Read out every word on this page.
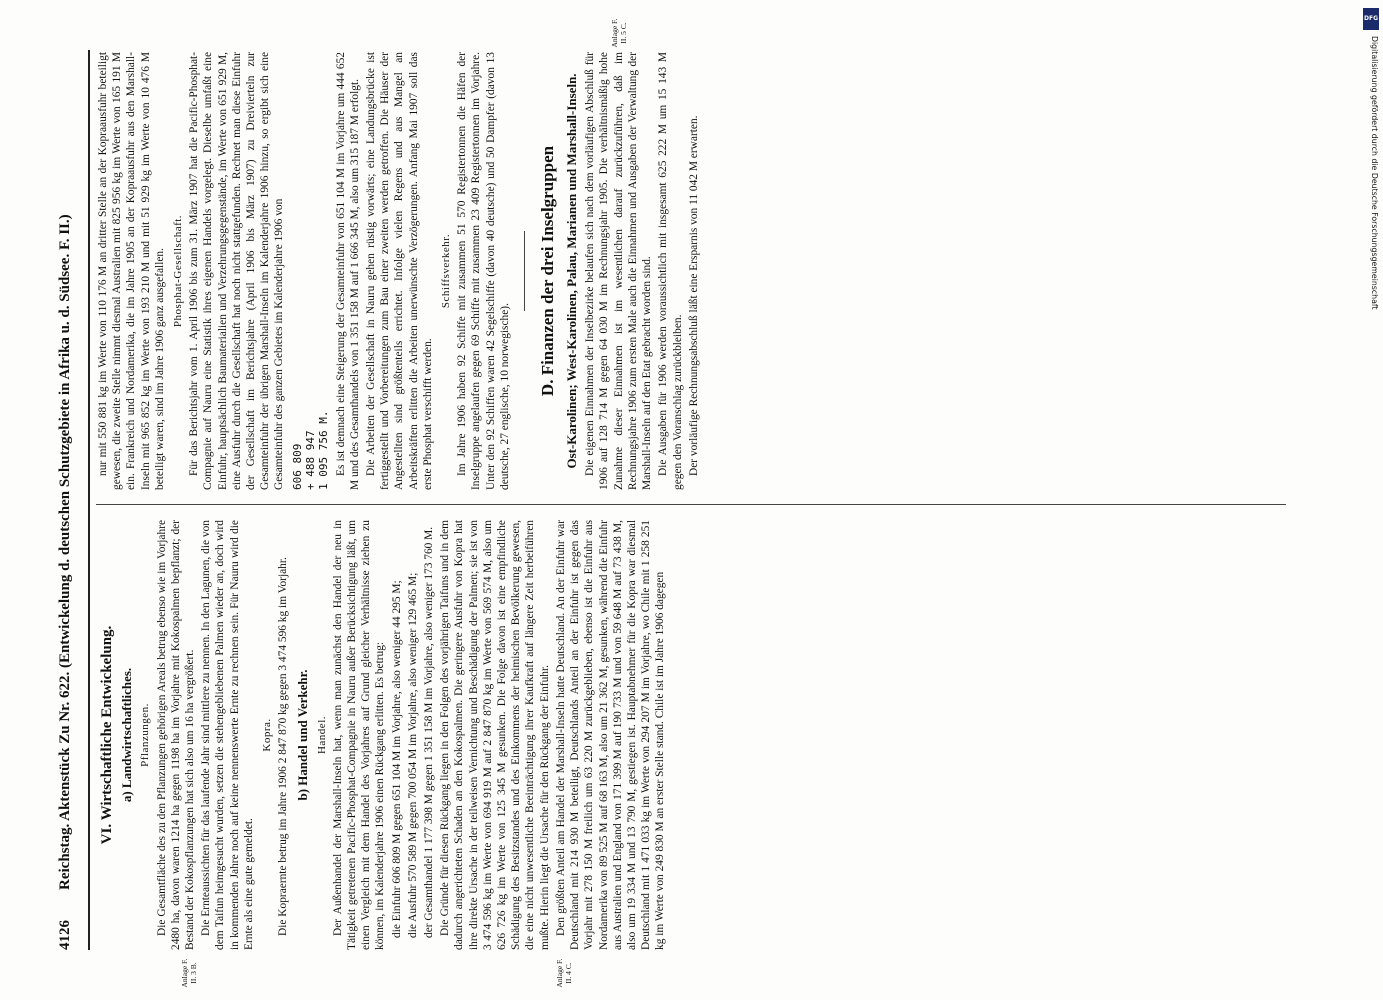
4126
Reichstag. Aktenstück Zu Nr. 622. (Entwickelung d. deutschen Schutzgebiete in Afrika u. d. Südsee. F. II.)
Anlage F. II. 3 B.	Anlage F. II. 4 C.
Anlage F. II. 5 C.

VI. Wirtschaftliche Entwickelung. a) Landwirtschaftliches. Pflanzungen. Die Gesamtfläche des zu den Pflanzungen gehörigen Areals betrug ebenso wie im Vorjahre 2480 ha, davon waren 1214 ha gegen 1198 ha im Vorjahre mit Kokospalmen bepflanzt; der Bestand der Kokospflanzungen hat sich also um 16 ha vergrößert. Die Ernteaussichten für das laufende Jahr sind mittlere zu nennen. In den Lagunen, die von dem Taifun heimgesucht wurden, setzen die stehengebliebenen Palmen wieder an, doch wird in kommenden Jahre noch auf keine nennenswerte Ernte zu rechnen sein. Für Nauru wird die Ernte als eine gute gemeldet.

Kopra. Die Kopraernte betrug im Jahre 1906 2 847 870 kg gegen 3 474 596 kg im Vorjahr. b) Handel und Verkehr. Handel. Der Außenhandel der Marshall-Inseln hat, wenn man zunächst den Handel der neu in Tätigkeit getretenen Pacific-Phosphat-Compagnie in Nauru außer Berücksichtigung läßt, um einen Vergleich mit dem Handel des Vorjahres auf Grund gleicher Verhältnisse ziehen zu können, im Kalenderjahre 1906 einen Rückgang erlitten. Es betrug: die Einfuhr 606 809 M gegen 651 104 M im Vorjahre, also weniger 44 295 M; die Ausfuhr 570 589 M gegen 700 054 M im Vorjahre, also weniger 129 465 M; der Gesamthandel 1 177 398 M gegen 1 351 158 M im Vorjahre, also weniger 173 760 M. Die Gründe für diesen Rückgang liegen in den Folgen des vorjährigen Taifuns und in dem dadurch angerichteten Schaden an den Kokospalmen. Die geringere Ausfuhr von Kopra hat ihre direkte Ursache in der teilweisen Vernichtung und Beschädigung der Palmen; sie ist von 3 474 596 kg im Werte von 694 919 M auf 2 847 870 kg im Werte von 569 574 M, also um 626 726 kg im Werte von 125 345 M gesunken. Die Folge davon ist eine empfindliche Schädigung des Besitzstandes und des Einkommens der heimischen Bevölkerung gewesen, die eine nicht unwesentliche Beeinträchtigung ihrer Kaufkraft auf längere Zeit herbeiführen mußte. Hierin liegt die Ursache für den Rückgang der Einfuhr. Den größten Anteil am Handel der Marshall-Inseln hatte Deutschland. An der Einfuhr war Deutschland mit 214 930 M beteiligt, Deutschlands Anteil an der Einfuhr ist gegen das Vorjahr mit 278 150 M freilich um 63 220 M zurückgeblieben, ebenso ist die Einfuhr aus Nordamerika von 89 525 M auf 68 163 M, also um 21 362 M, gesunken, während die Einfuhr aus Australien und England von 171 399 M auf 190 733 M und von 59 648 M auf 73 438 M, also um 19 334 M und 13 790 M, gestiegen ist. Hauptabnehmer für die Kopra war diesmal Deutschland mit 1 471 033 kg im Werte von 294 207 M im Vorjahre, wo Chile mit 1 258 251 kg im Werte von 249 830 M an erster Stelle stand. Chile ist im Jahre 1906 dagegen

nur mit 550 881 kg im Werte von 110 176 M an dritter Stelle an der Kopraausfuhr beteiligt gewesen, die zweite Stelle nimmt diesmal Australien mit 825 956 kg im Werte von 165 191 M ein. Frankreich und Nordamerika, die im Jahre 1905 an der Kopraausfuhr aus den Marshall-Inseln mit 965 852 kg im Werte von 193 210 M und mit 51 929 kg im Werte von 10 476 M beteiligt waren, sind im Jahre 1906 ganz ausgefallen. Phosphat-Gesellschaft. Für das Berichtsjahr vom 1. April 1906 bis zum 31. März 1907 hat die Pacific-Phosphat-Compagnie auf Nauru eine Statistik ihres eigenen Handels vorgelegt. Dieselbe umfaßt eine Einfuhr, hauptsächlich Baumaterialien und Verzehrungsgegenstände, im Werte von 651 929 M, eine Ausfuhr durch die Gesellschaft hat noch nicht stattgefunden. Rechnet man diese Einfuhr der Gesellschaft im Berichtsjahre (April 1906 bis März 1907) zu Dreivierteln zur Gesamteinfuhr der übrigen Marshall-Inseln im Kalenderjahre 1906 hinzu, so ergibt sich eine Gesamteinfuhr des ganzen Gebietes im Kalenderjahre 1906 von 606 809
+ 488 947
1 095 756 M. Es ist demnach eine Steigerung der Gesamteinfuhr von 651 104 M im Vorjahre um 444 652 M und des Gesamthandels von 1 351 158 M auf 1 666 345 M, also um 315 187 M erfolgt. Die Arbeiten der Gesellschaft in Nauru gehen rüstig vorwärts; eine Landungsbrücke ist fertiggestellt und Vorbereitungen zum Bau einer zweiten werden getroffen. Die Häuser der Angestellten sind größtenteils errichtet. Infolge vielen Regens und aus Mangel an Arbeitskräften erlitten die Arbeiten unerwünschte Verzögerungen. Anfang Mai 1907 soll das erste Phosphat verschifft werden.

Schiffsverkehr. Im Jahre 1906 haben 92 Schiffe mit zusammen 51 570 Registertonnen die Häfen der Inselgruppe angelaufen gegen 69 Schiffe mit zusammen 23 409 Registertonnen im Vorjahre. Unter den 92 Schiffen waren 42 Segelschiffe (davon 40 deutsche) und 50 Dampfer (davon 13 deutsche, 27 englische, 10 norwegische).

D. Finanzen der drei Inselgruppen Ost-Karolinen; West-Karolinen, Palau, Marianen und Marshall-Inseln. Die eigenen Einnahmen der Inselbezirke belaufen sich nach dem vorläufigen Abschluß für 1906 auf 128 714 M gegen 64 030 M im Rechnungsjahr 1905. Die verhältnismäßig hohe Zunahme dieser Einnahmen ist im wesentlichen darauf zurückzuführen, daß im Rechnungsjahre 1906 zum ersten Male auch die Einnahmen und Ausgaben der Verwaltung der Marshall-Inseln auf den Etat gebracht worden sind. Die Ausgaben für 1906 werden voraussichtlich mit insgesamt 625 222 M um 15 143 M gegen den Voranschlag zurückbleiben. Der vorläufige Rechnungsabschluß läßt eine Ersparnis von 11 042 M erwarten.

DFG
Digitalisierung gefördert durch die Deutsche Forschungsgemeinschaft
